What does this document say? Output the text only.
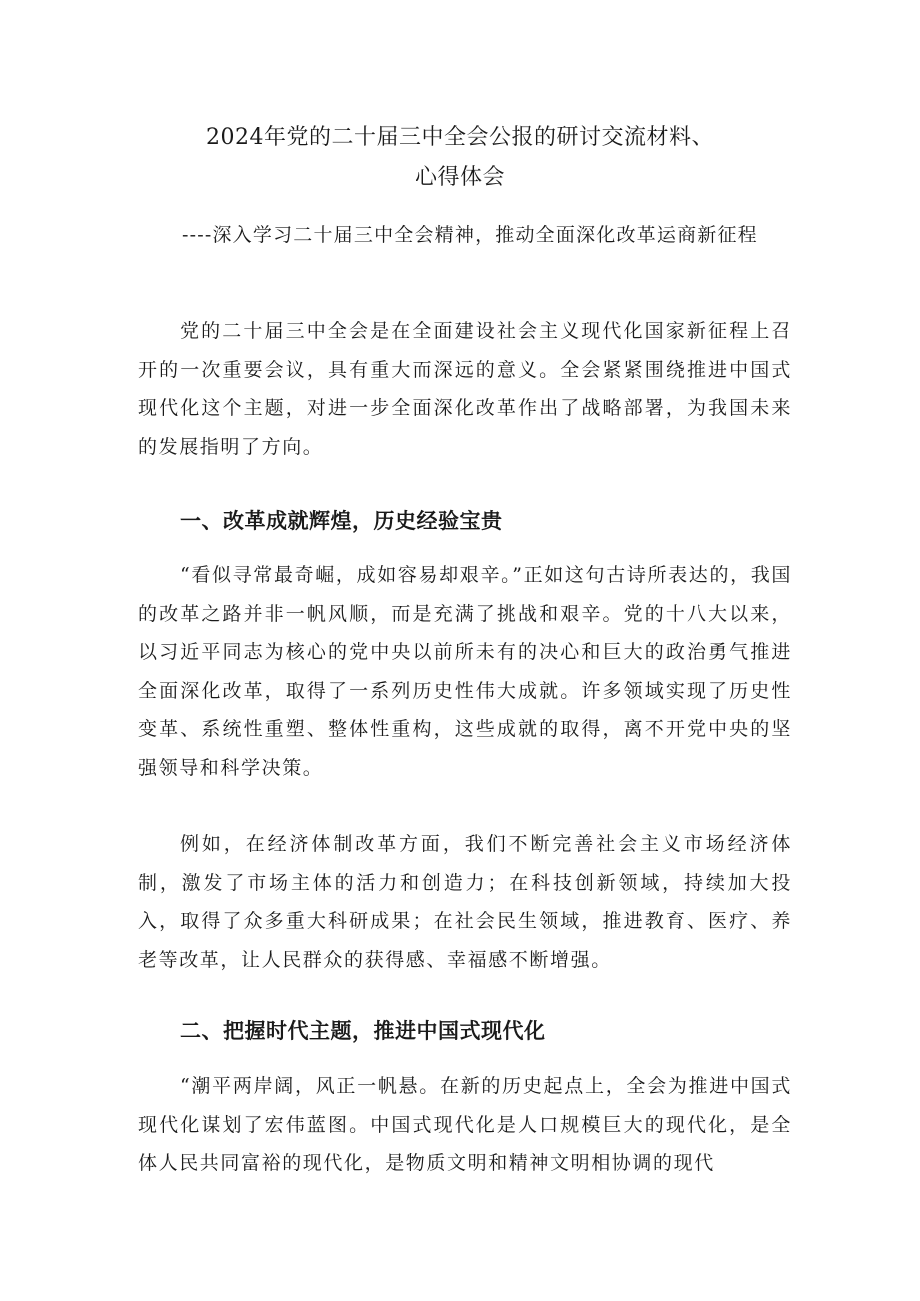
2024年党的二十届三中全会公报的研讨交流材料、
心得体会

----深入学习二十届三中全会精神，推动全面深化改革运商新征程

党的二十届三中全会是在全面建设社会主义现代化国家新征程上召开的一次重要会议，具有重大而深远的意义。全会紧紧围绕推进中国式现代化这个主题，对进一步全面深化改革作出了战略部署，为我国未来的发展指明了方向。

一、改革成就辉煌，历史经验宝贵

“看似寻常最奇崛，成如容易却艰辛。”正如这句古诗所表达的，我国的改革之路并非一帆风顺，而是充满了挑战和艰辛。党的十八大以来，以习近平同志为核心的党中央以前所未有的决心和巨大的政治勇气推进全面深化改革，取得了一系列历史性伟大成就。许多领域实现了历史性变革、系统性重塑、整体性重构，这些成就的取得，离不开党中央的坚强领导和科学决策。

例如，在经济体制改革方面，我们不断完善社会主义市场经济体制，激发了市场主体的活力和创造力；在科技创新领域，持续加大投入，取得了众多重大科研成果；在社会民生领域，推进教育、医疗、养老等改革，让人民群众的获得感、幸福感不断增强。

二、把握时代主题，推进中国式现代化

“潮平两岸阔，风正一帆悬。在新的历史起点上，全会为推进中国式现代化谋划了宏伟蓝图。中国式现代化是人口规模巨大的现代化，是全体人民共同富裕的现代化，是物质文明和精神文明相协调的现代
